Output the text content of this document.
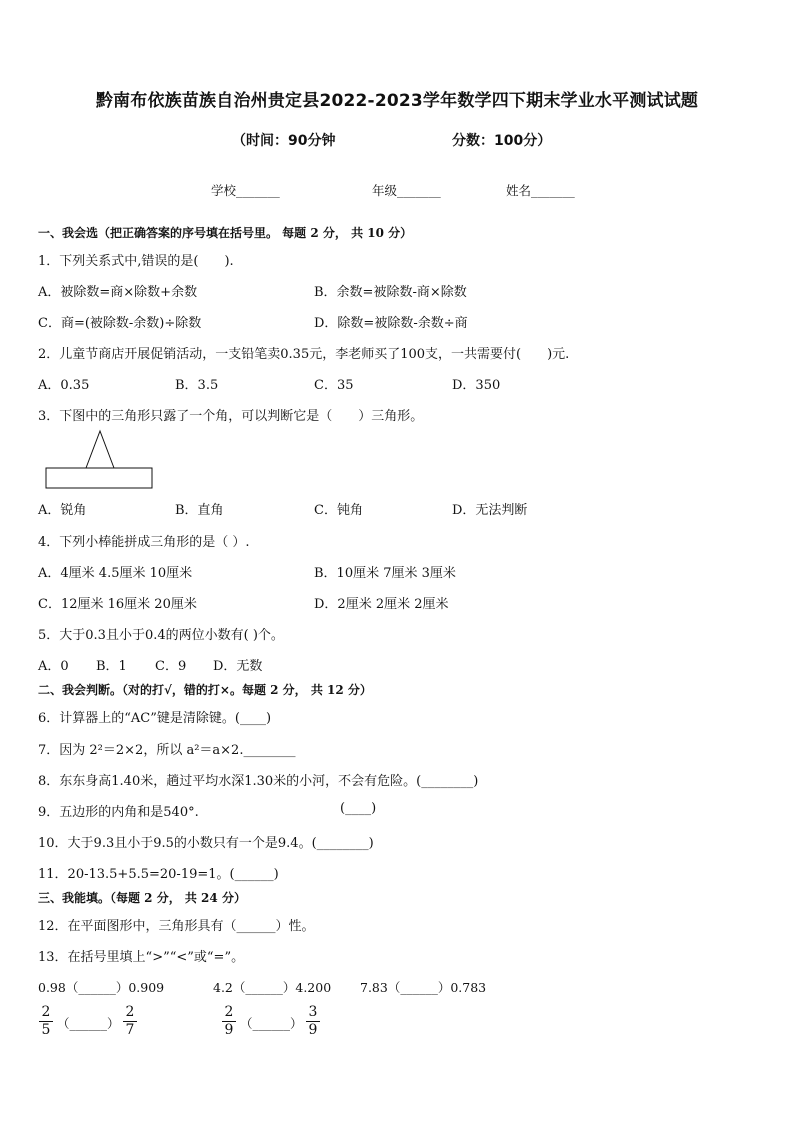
黔南布依族苗族自治州贵定县2022-2023学年数学四下期末学业水平测试试题
（时间：90分钟	分数：100分）
学校_______	年级_______	姓名_______
一、我会选（把正确答案的序号填在括号里。 每题 2 分， 共 10 分）
1．下列关系式中,错误的是(　　).
A．被除数=商×除数+余数	B．余数=被除数-商×除数
C．商=(被除数-余数)÷除数	D．除数=被除数-余数÷商
2．儿童节商店开展促销活动，一支铅笔卖0.35元，李老师买了100支，一共需要付(　　)元.
A．0.35	B．3.5	C．35	D．350
3．下图中的三角形只露了一个角，可以判断它是（　　）三角形。
A．锐角	B．直角	C．钝角	D．无法判断
4．下列小棒能拼成三角形的是（ ）.
A．4厘米 4.5厘米 10厘米	B．10厘米 7厘米 3厘米
C．12厘米 16厘米 20厘米	D．2厘米 2厘米 2厘米
5．大于0.3且小于0.4的两位小数有( )个。
A．0 B．1 C．9 D．无数
二、我会判断。（对的打√，错的打×。每题 2 分， 共 12 分）
6．计算器上的“AC”键是清除键。(____)
7．因为 2²＝2×2，所以 a²＝a×2.________
8．东东身高1.40米，趟过平均水深1.30米的小河，不会有危险。(________)
9．五边形的内角和是540°.	(____)
10．大于9.3且小于9.5的小数只有一个是9.4。(________)
11．20-13.5+5.5=20-19=1。(______)
三、我能填。（每题 2 分， 共 24 分）
12．在平面图形中，三角形具有（______）性。
13．在括号里填上“>”“<”或“=”。
0.98（______）0.909	4.2（______）4.200 7.83（______）0.783
2
5 （______）
2
7
2
9 （______）
3
9
